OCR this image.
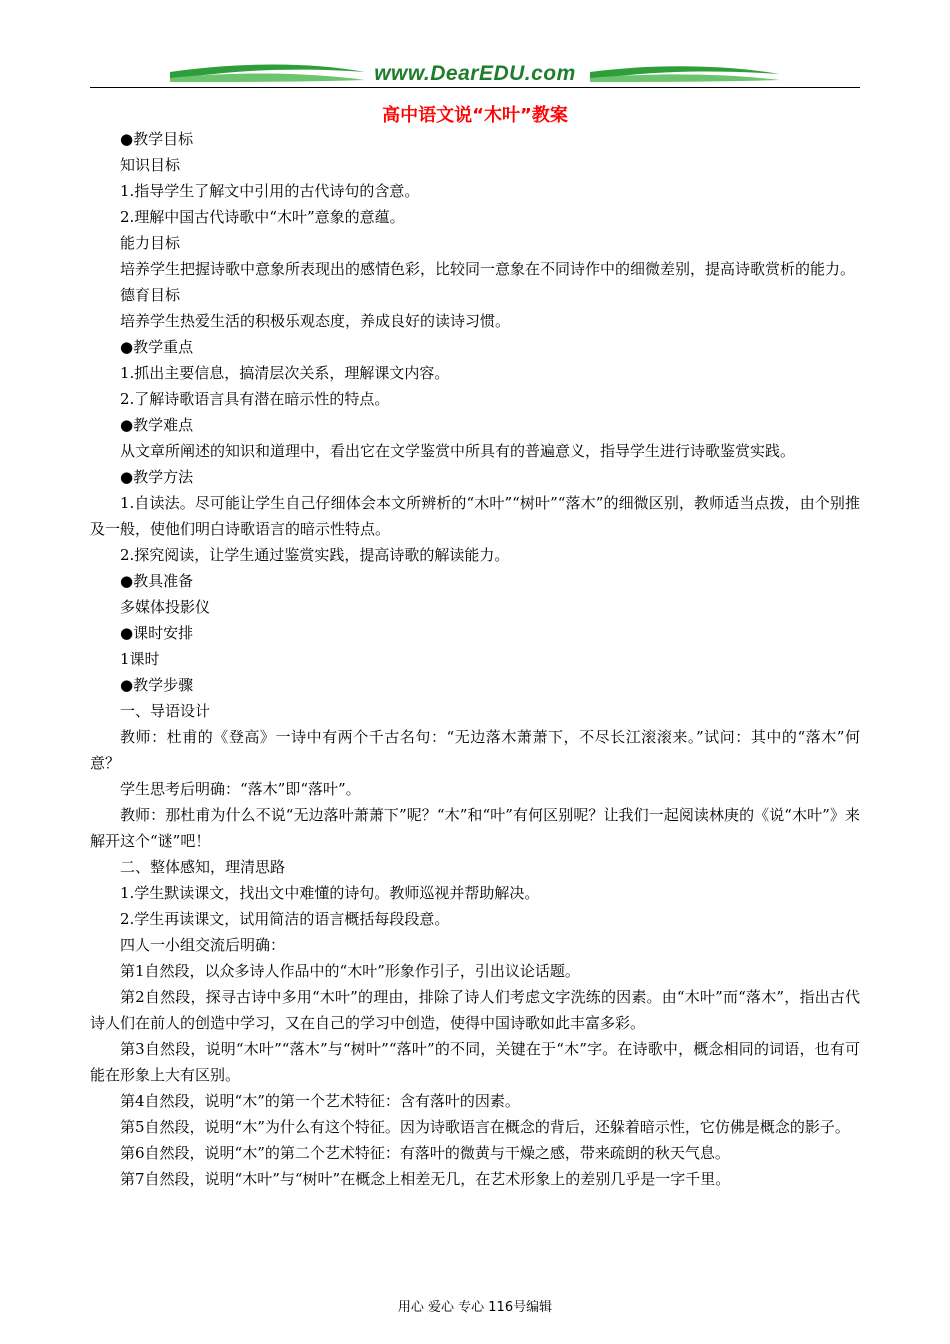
www.DearEDU.com
高中语文说“木叶”教案

●教学目标

知识目标

1.指导学生了解文中引用的古代诗句的含意。

2.理解中国古代诗歌中“木叶”意象的意蕴。

能力目标

培养学生把握诗歌中意象所表现出的感情色彩，比较同一意象在不同诗作中的细微差别，提高诗歌赏析的能力。

德育目标

培养学生热爱生活的积极乐观态度，养成良好的读诗习惯。

●教学重点

1.抓出主要信息，搞清层次关系，理解课文内容。

2.了解诗歌语言具有潜在暗示性的特点。

●教学难点

从文章所阐述的知识和道理中，看出它在文学鉴赏中所具有的普遍意义，指导学生进行诗歌鉴赏实践。

●教学方法

1.自读法。尽可能让学生自己仔细体会本文所辨析的“木叶”“树叶”“落木”的细微区别，教师适当点拨，由个别推及一般，使他们明白诗歌语言的暗示性特点。

2.探究阅读，让学生通过鉴赏实践，提高诗歌的解读能力。

●教具准备

多媒体投影仪

●课时安排

1课时

●教学步骤

一、导语设计

教师：杜甫的《登高》一诗中有两个千古名句：“无边落木萧萧下，不尽长江滚滚来。”试问：其中的“落木”何意？

学生思考后明确：“落木”即“落叶”。

教师：那杜甫为什么不说“无边落叶萧萧下”呢？“木”和“叶”有何区别呢？让我们一起阅读林庚的《说“木叶”》来解开这个“谜”吧！

二、整体感知，理清思路

1.学生默读课文，找出文中难懂的诗句。教师巡视并帮助解决。

2.学生再读课文，试用简洁的语言概括每段段意。

四人一小组交流后明确：

第1自然段，以众多诗人作品中的“木叶”形象作引子，引出议论话题。

第2自然段，探寻古诗中多用“木叶”的理由，排除了诗人们考虑文字洗练的因素。由“木叶”而“落木”，指出古代诗人们在前人的创造中学习，又在自己的学习中创造，使得中国诗歌如此丰富多彩。

第3自然段，说明“木叶”“落木”与“树叶”“落叶”的不同，关键在于“木”字。在诗歌中，概念相同的词语，也有可能在形象上大有区别。

第4自然段，说明“木”的第一个艺术特征：含有落叶的因素。

第5自然段，说明“木”为什么有这个特征。因为诗歌语言在概念的背后，还躲着暗示性，它仿佛是概念的影子。

第6自然段，说明“木”的第二个艺术特征：有落叶的微黄与干燥之感，带来疏朗的秋天气息。

第7自然段，说明“木叶”与“树叶”在概念上相差无几，在艺术形象上的差别几乎是一字千里。

用心 爱心 专心 116号编辑
